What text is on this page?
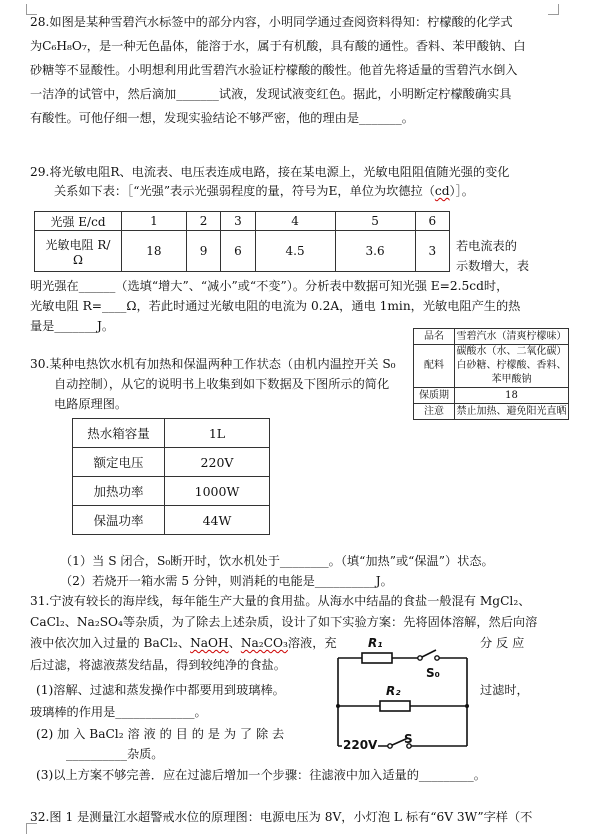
28.如图是某种雪碧汽水标签中的部分内容，小明同学通过查阅资料得知：柠檬酸的化学式
为C₆H₈O₇，是一种无色晶体，能溶于水，属于有机酸，具有酸的通性。香料、苯甲酸钠、白
砂糖等不显酸性。小明想利用此雪碧汽水验证柠檬酸的酸性。他首先将适量的雪碧汽水倒入
一洁净的试管中，然后滴加_______试液，发现试液变红色。据此，小明断定柠檬酸确实具
有酸性。可他仔细一想，发现实验结论不够严密，他的理由是_______。
29.将光敏电阻R、电流表、电压表连成电路，接在某电源上，光敏电阻阻值随光强的变化
关系如下表：［“光强”表示光强弱程度的量，符号为E，单位为坎德拉（cd）］。
光强 E/cd	1	2	3	4	5	6

光敏电阻 R/
Ω	18	9	6	4.5	3.6	3 若电流表的
示数增大，表
明光强在______（选填“增大”、“减小”或“不变”）。分析表中数据可知光强 E=2.5cd时，
光敏电阻 R=____Ω，若此时通过光敏电阻的电流为 0.2A，通电 1min，光敏电阻产生的热
量是_______J。
品名	雪碧汽水（清爽柠檬味）
配料	碳酸水（水、二氧化碳）
白砂糖、柠檬酸、香料、
苯甲酸钠

保质期	18
注意	禁止加热、避免阳光直晒
30.某种电热饮水机有加热和保温两种工作状态（由机内温控开关 S₀
自动控制），从它的说明书上收集到如下数据及下图所示的简化
电路原理图。
热水箱容量	1L
额定电压	220V
加热功率	1000W
保温功率	44W
（1）当 S 闭合，S₀断开时，饮水机处于________。（填“加热”或“保温”）状态。
（2）若烧开一箱水需 5 分钟，则消耗的电能是__________J。
31.宁波有较长的海岸线，每年能生产大量的食用盐。从海水中结晶的食盐一般混有 MgCl₂、
CaCl₂、Na₂SO₄等杂质，为了除去上述杂质，设计了如下实验方案：先将固体溶解，然后向溶
液中依次加入过量的 BaCl₂、NaOH、Na₂CO₃溶液，充	分 反 应
后过滤，将滤液蒸发结晶，得到较纯净的食盐。
(1)溶解、过滤和蒸发操作中都要用到玻璃棒。	过滤时，
玻璃棒的作用是_____________。
(2) 加 入 BaCl₂ 溶 液 的 目 的 是 为 了 除 去
__________杂质。
(3)以上方案不够完善．应在过滤后增加一个步骤：往滤液中加入适量的_________。
R₁
S₀
R₂
220V S
32.图 1 是测量江水超警戒水位的原理图：电源电压为 8V，小灯泡 L 标有“6V 3W”字样（不
